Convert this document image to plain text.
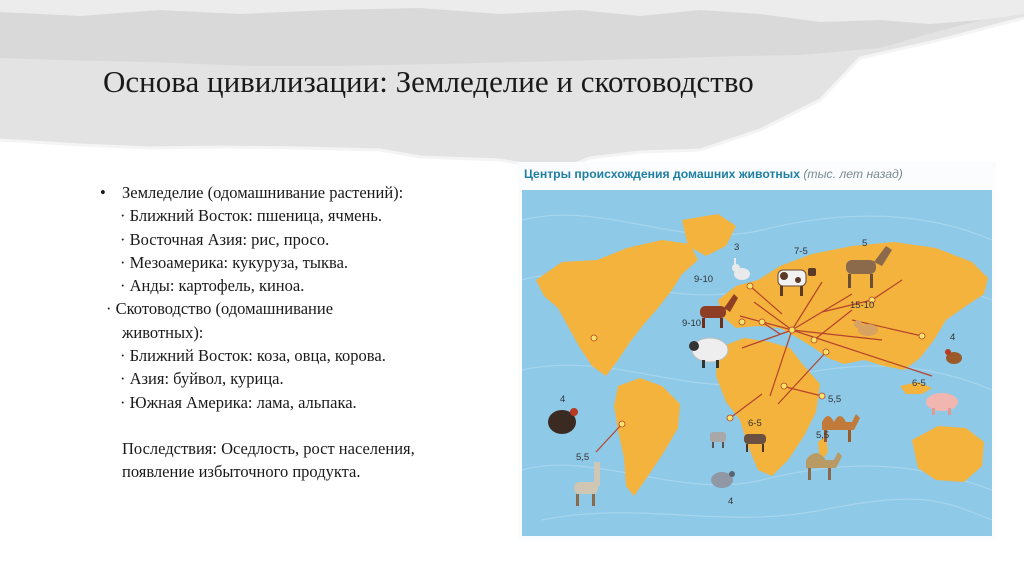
Основа цивилизации: Земледелие и скотоводство
• Земледелие (одомашнивание растений):
· Ближний Восток: пшеница, ячмень.
· Восточная Азия: рис, просо.
· Мезоамерика: кукуруза, тыква.
· Анды: картофель, киноа.
· Скотоводство (одомашнивание
животных):
· Ближний Восток: коза, овца, корова.
· Азия: буйвол, курица.
· Южная Америка: лама, альпака.
Последствия: Оседлость, рост населения,
появление избыточного продукта.
Центры происхождения домашних животных (тыс. лет назад)
3	7-5
5
9-10
9-10
15-10
4
6-5
4
5,5
6-5
5,5
5,5
4
